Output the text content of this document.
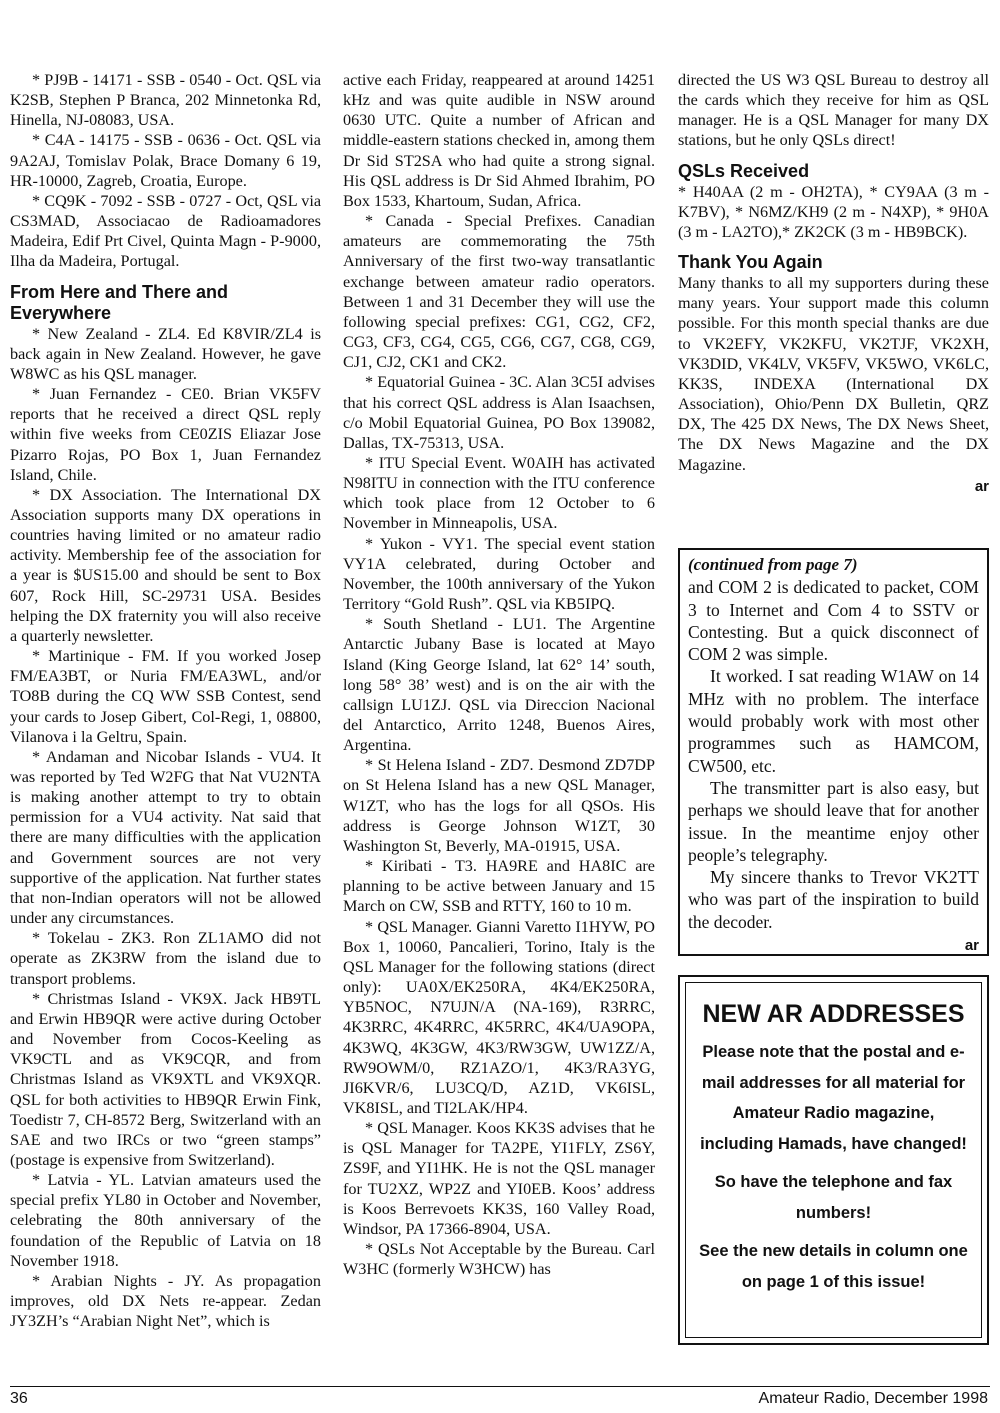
* PJ9B - 14171 - SSB - 0540 - Oct. QSL via K2SB, Stephen P Branca, 202 Minnetonka Rd, Hinella, NJ-08083, USA.

* C4A - 14175 - SSB - 0636 - Oct. QSL via 9A2AJ, Tomislav Polak, Brace Domany 6 19, HR-10000, Zagreb, Croatia, Europe.

* CQ9K - 7092 - SSB - 0727 - Oct, QSL via CS3MAD, Associacao de Radioamadores Madeira, Edif Prt Civel, Quinta Magn - P-9000, Ilha da Madeira, Portugal.

From Here and There and Everywhere

* New Zealand - ZL4. Ed K8VIR/ZL4 is back again in New Zealand. However, he gave W8WC as his QSL manager.

* Juan Fernandez - CE0. Brian VK5FV reports that he received a direct QSL reply within five weeks from CE0ZIS Eliazar Jose Pizarro Rojas, PO Box 1, Juan Fernandez Island, Chile.

* DX Association. The International DX Association supports many DX operations in countries having limited or no amateur radio activity. Membership fee of the association for a year is $US15.00 and should be sent to Box 607, Rock Hill, SC-29731 USA. Besides helping the DX fraternity you will also receive a quarterly newsletter.

* Martinique - FM. If you worked Josep FM/EA3BT, or Nuria FM/EA3WL, and/or TO8B during the CQ WW SSB Contest, send your cards to Josep Gibert, Col-Regi, 1, 08800, Vilanova i la Geltru, Spain.

* Andaman and Nicobar Islands - VU4. It was reported by Ted W2FG that Nat VU2NTA is making another attempt to try to obtain permission for a VU4 activity. Nat said that there are many difficulties with the application and Government sources are not very supportive of the application. Nat further states that non-Indian operators will not be allowed under any circumstances.

* Tokelau - ZK3. Ron ZL1AMO did not operate as ZK3RW from the island due to transport problems.

* Christmas Island - VK9X. Jack HB9TL and Erwin HB9QR were active during October and November from Cocos-Keeling as VK9CTL and as VK9CQR, and from Christmas Island as VK9XTL and VK9XQR. QSL for both activities to HB9QR Erwin Fink, Toedistr 7, CH-8572 Berg, Switzerland with an SAE and two IRCs or two “green stamps” (postage is expensive from Switzerland).

* Latvia - YL. Latvian amateurs used the special prefix YL80 in October and November, celebrating the 80th anniversary of the foundation of the Republic of Latvia on 18 November 1918.

* Arabian Nights - JY. As propagation improves, old DX Nets re-appear. Zedan JY3ZH’s “Arabian Night Net”, which is

active each Friday, reappeared at around 14251 kHz and was quite audible in NSW around 0630 UTC. Quite a number of African and middle-eastern stations checked in, among them Dr Sid ST2SA who had quite a strong signal. His QSL address is Dr Sid Ahmed Ibrahim, PO Box 1533, Khartoum, Sudan, Africa.

* Canada - Special Prefixes. Canadian amateurs are commemorating the 75th Anniversary of the first two-way transatlantic exchange between amateur radio operators. Between 1 and 31 December they will use the following special prefixes: CG1, CG2, CF2, CG3, CF3, CG4, CG5, CG6, CG7, CG8, CG9, CJ1, CJ2, CK1 and CK2.

* Equatorial Guinea - 3C. Alan 3C5I advises that his correct QSL address is Alan Isaachsen, c/o Mobil Equatorial Guinea, PO Box 139082, Dallas, TX-75313, USA.

* ITU Special Event. W0AIH has activated N98ITU in connection with the ITU conference which took place from 12 October to 6 November in Minneapolis, USA.

* Yukon - VY1. The special event station VY1A celebrated, during October and November, the 100th anniversary of the Yukon Territory “Gold Rush”. QSL via KB5IPQ.

* South Shetland - LU1. The Argentine Antarctic Jubany Base is located at Mayo Island (King George Island, lat 62° 14’ south, long 58° 38’ west) and is on the air with the callsign LU1ZJ. QSL via Direccion Nacional del Antarctico, Arrito 1248, Buenos Aires, Argentina.

* St Helena Island - ZD7. Desmond ZD7DP on St Helena Island has a new QSL Manager, W1ZT, who has the logs for all QSOs. His address is George Johnson W1ZT, 30 Washington St, Beverly, MA-01915, USA.

* Kiribati - T3. HA9RE and HA8IC are planning to be active between January and 15 March on CW, SSB and RTTY, 160 to 10 m.

* QSL Manager. Gianni Varetto I1HYW, PO Box 1, 10060, Pancalieri, Torino, Italy is the QSL Manager for the following stations (direct only): UA0X/EK250RA, 4K4/EK250RA, YB5NOC, N7UJN/A (NA-169), R3RRC, 4K3RRC, 4K4RRC, 4K5RRC, 4K4/UA9OPA, 4K3WQ, 4K3GW, 4K3/RW3GW, UW1ZZ/A, RW9OWM/0, RZ1AZO/1, 4K3/RA3YG, JI6KVR/6, LU3CQ/D, AZ1D, VK6ISL, VK8ISL, and TI2LAK/HP4.

* QSL Manager. Koos KK3S advises that he is QSL Manager for TA2PE, YI1FLY, ZS6Y, ZS9F, and YI1HK. He is not the QSL manager for TU2XZ, WP2Z and YI0EB. Koos’ address is Koos Berrevoets KK3S, 160 Valley Road, Windsor, PA 17366-8904, USA.

* QSLs Not Acceptable by the Bureau. Carl W3HC (formerly W3HCW) has

directed the US W3 QSL Bureau to destroy all the cards which they receive for him as QSL manager. He is a QSL Manager for many DX stations, but he only QSLs direct!

QSLs Received

* H40AA (2 m - OH2TA), * CY9AA (3 m - K7BV), * N6MZ/KH9 (2 m - N4XP), * 9H0A (3 m - LA2TO),* ZK2CK (3 m - HB9BCK).

Thank You Again

Many thanks to all my supporters during these many years. Your support made this column possible. For this month special thanks are due to VK2EFY, VK2KFU, VK2TJF, VK2XH, VK3DID, VK4LV, VK5FV, VK5WO, VK6LC, KK3S, INDEXA (International DX Association), Ohio/Penn DX Bulletin, QRZ DX, The 425 DX News, The DX News Sheet, The DX News Magazine and the DX Magazine.

ar
(continued from page 7)

and COM 2 is dedicated to packet, COM 3 to Internet and Com 4 to SSTV or Contesting. But a quick disconnect of COM 2 was simple.

It worked. I sat reading W1AW on 14 MHz with no problem. The interface would probably work with most other programmes such as HAMCOM, CW500, etc.

The transmitter part is also easy, but perhaps we should leave that for another issue. In the meantime enjoy other people’s telegraphy.

My sincere thanks to Trevor VK2TT who was part of the inspiration to build the decoder.

ar
NEW AR ADDRESSES
Please note that the postal and e-mail addresses for all material for Amateur Radio magazine, including Hamads, have changed!
So have the telephone and fax numbers!
See the new details in column one on page 1 of this issue!
36	Amateur Radio, December 1998
